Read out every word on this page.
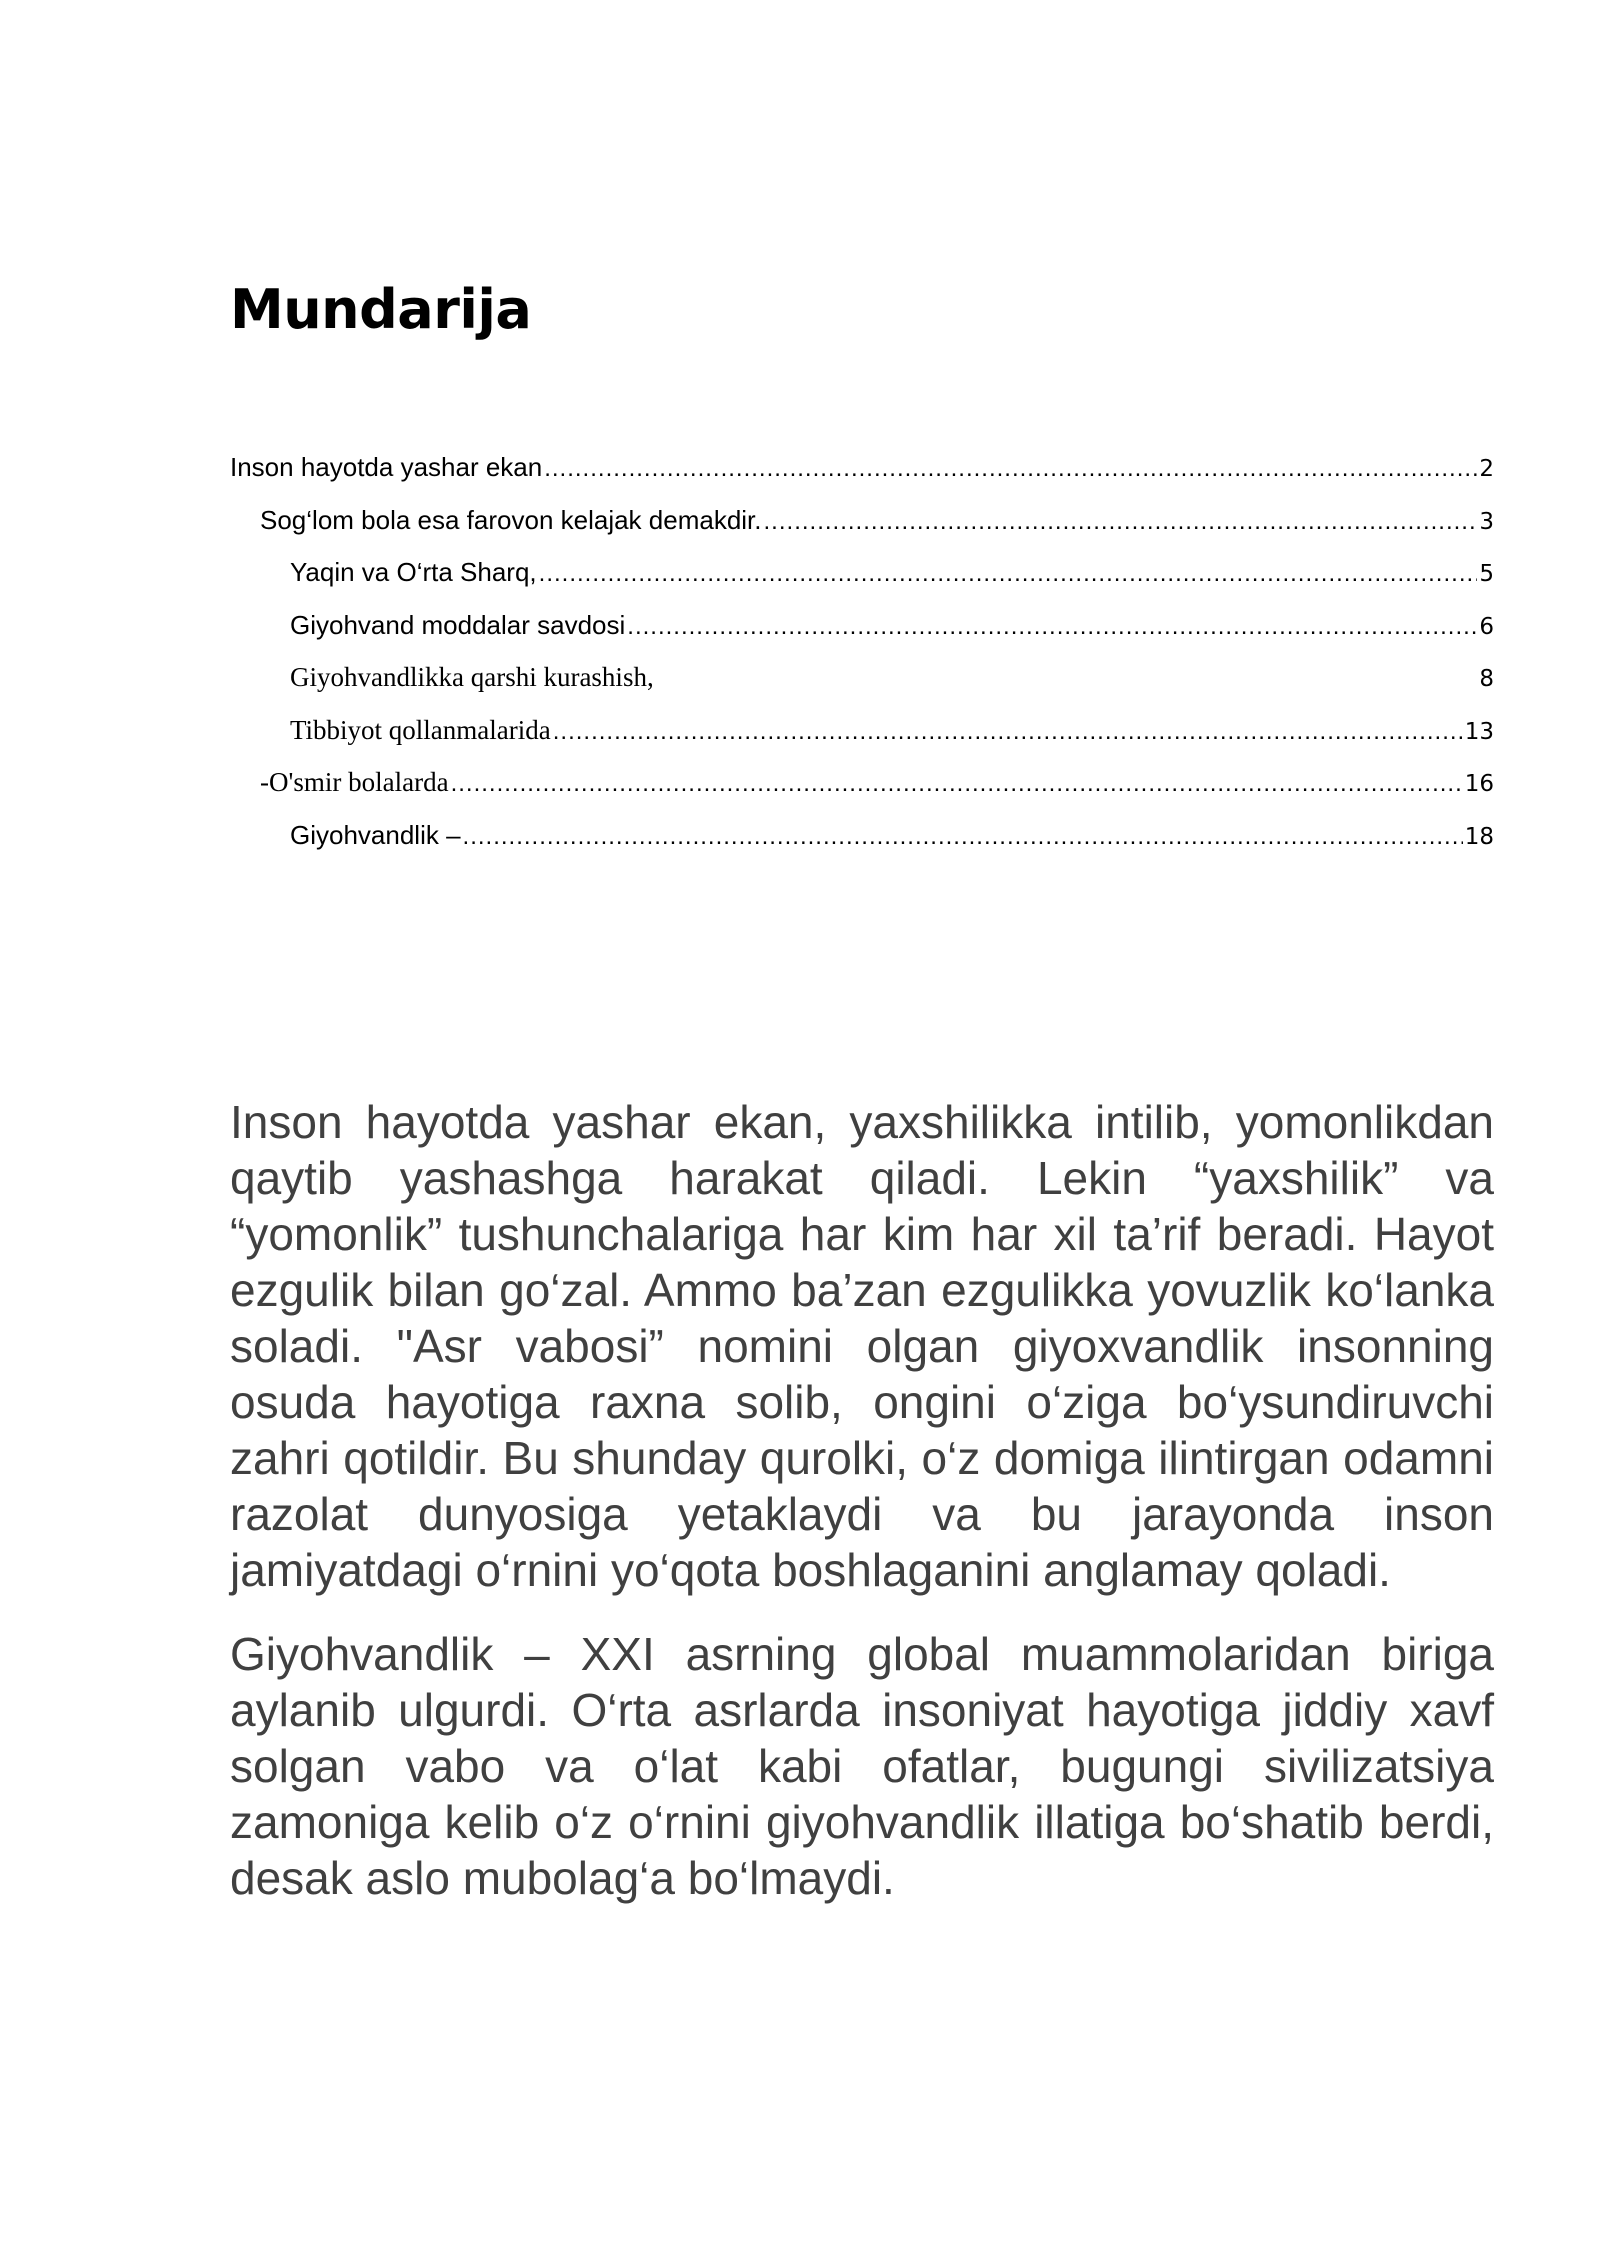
Mundarija
Inson hayotda yashar ekan .....	2
Sog‘lom bola esa farovon kelajak demakdir. .....	3
Yaqin va O‘rta Sharq, .....	5
Giyohvand moddalar savdosi .....	6
Giyohvandlikka qarshi kurashish,	8
Tibbiyot qollanmalarida .....	13
-O'smir bolalarda .....	16
Giyohvandlik – .....	18

Inson hayotda yashar ekan, yaxshilikka intilib, yomonlikdan qaytib yashashga harakat qiladi. Lekin “yaxshilik” va “yomonlik” tushunchalariga har kim har xil ta’rif beradi. Hayot ezgulik bilan go‘zal. Ammo ba’zan ezgulikka yovuzlik ko‘lanka soladi. "Asr vabosi” nomini olgan giyoxvandlik insonning osuda hayotiga raxna solib, ongini o‘ziga bo‘ysundiruvchi zahri qotildir. Bu shunday qurolki, o‘z domiga ilintirgan odamni razolat dunyosiga yetaklaydi va bu jarayonda inson jamiyatdagi o‘rnini yo‘qota boshlaganini anglamay qoladi.

Giyohvandlik – XXI asrning global muammolaridan biriga aylanib ulgurdi. O‘rta asrlarda insoniyat hayotiga jiddiy xavf solgan vabo va o‘lat kabi ofatlar, bugungi sivilizatsiya zamoniga kelib o‘z o‘rnini giyohvandlik illatiga bo‘shatib berdi, desak aslo mubolag‘a bo‘lmaydi.
